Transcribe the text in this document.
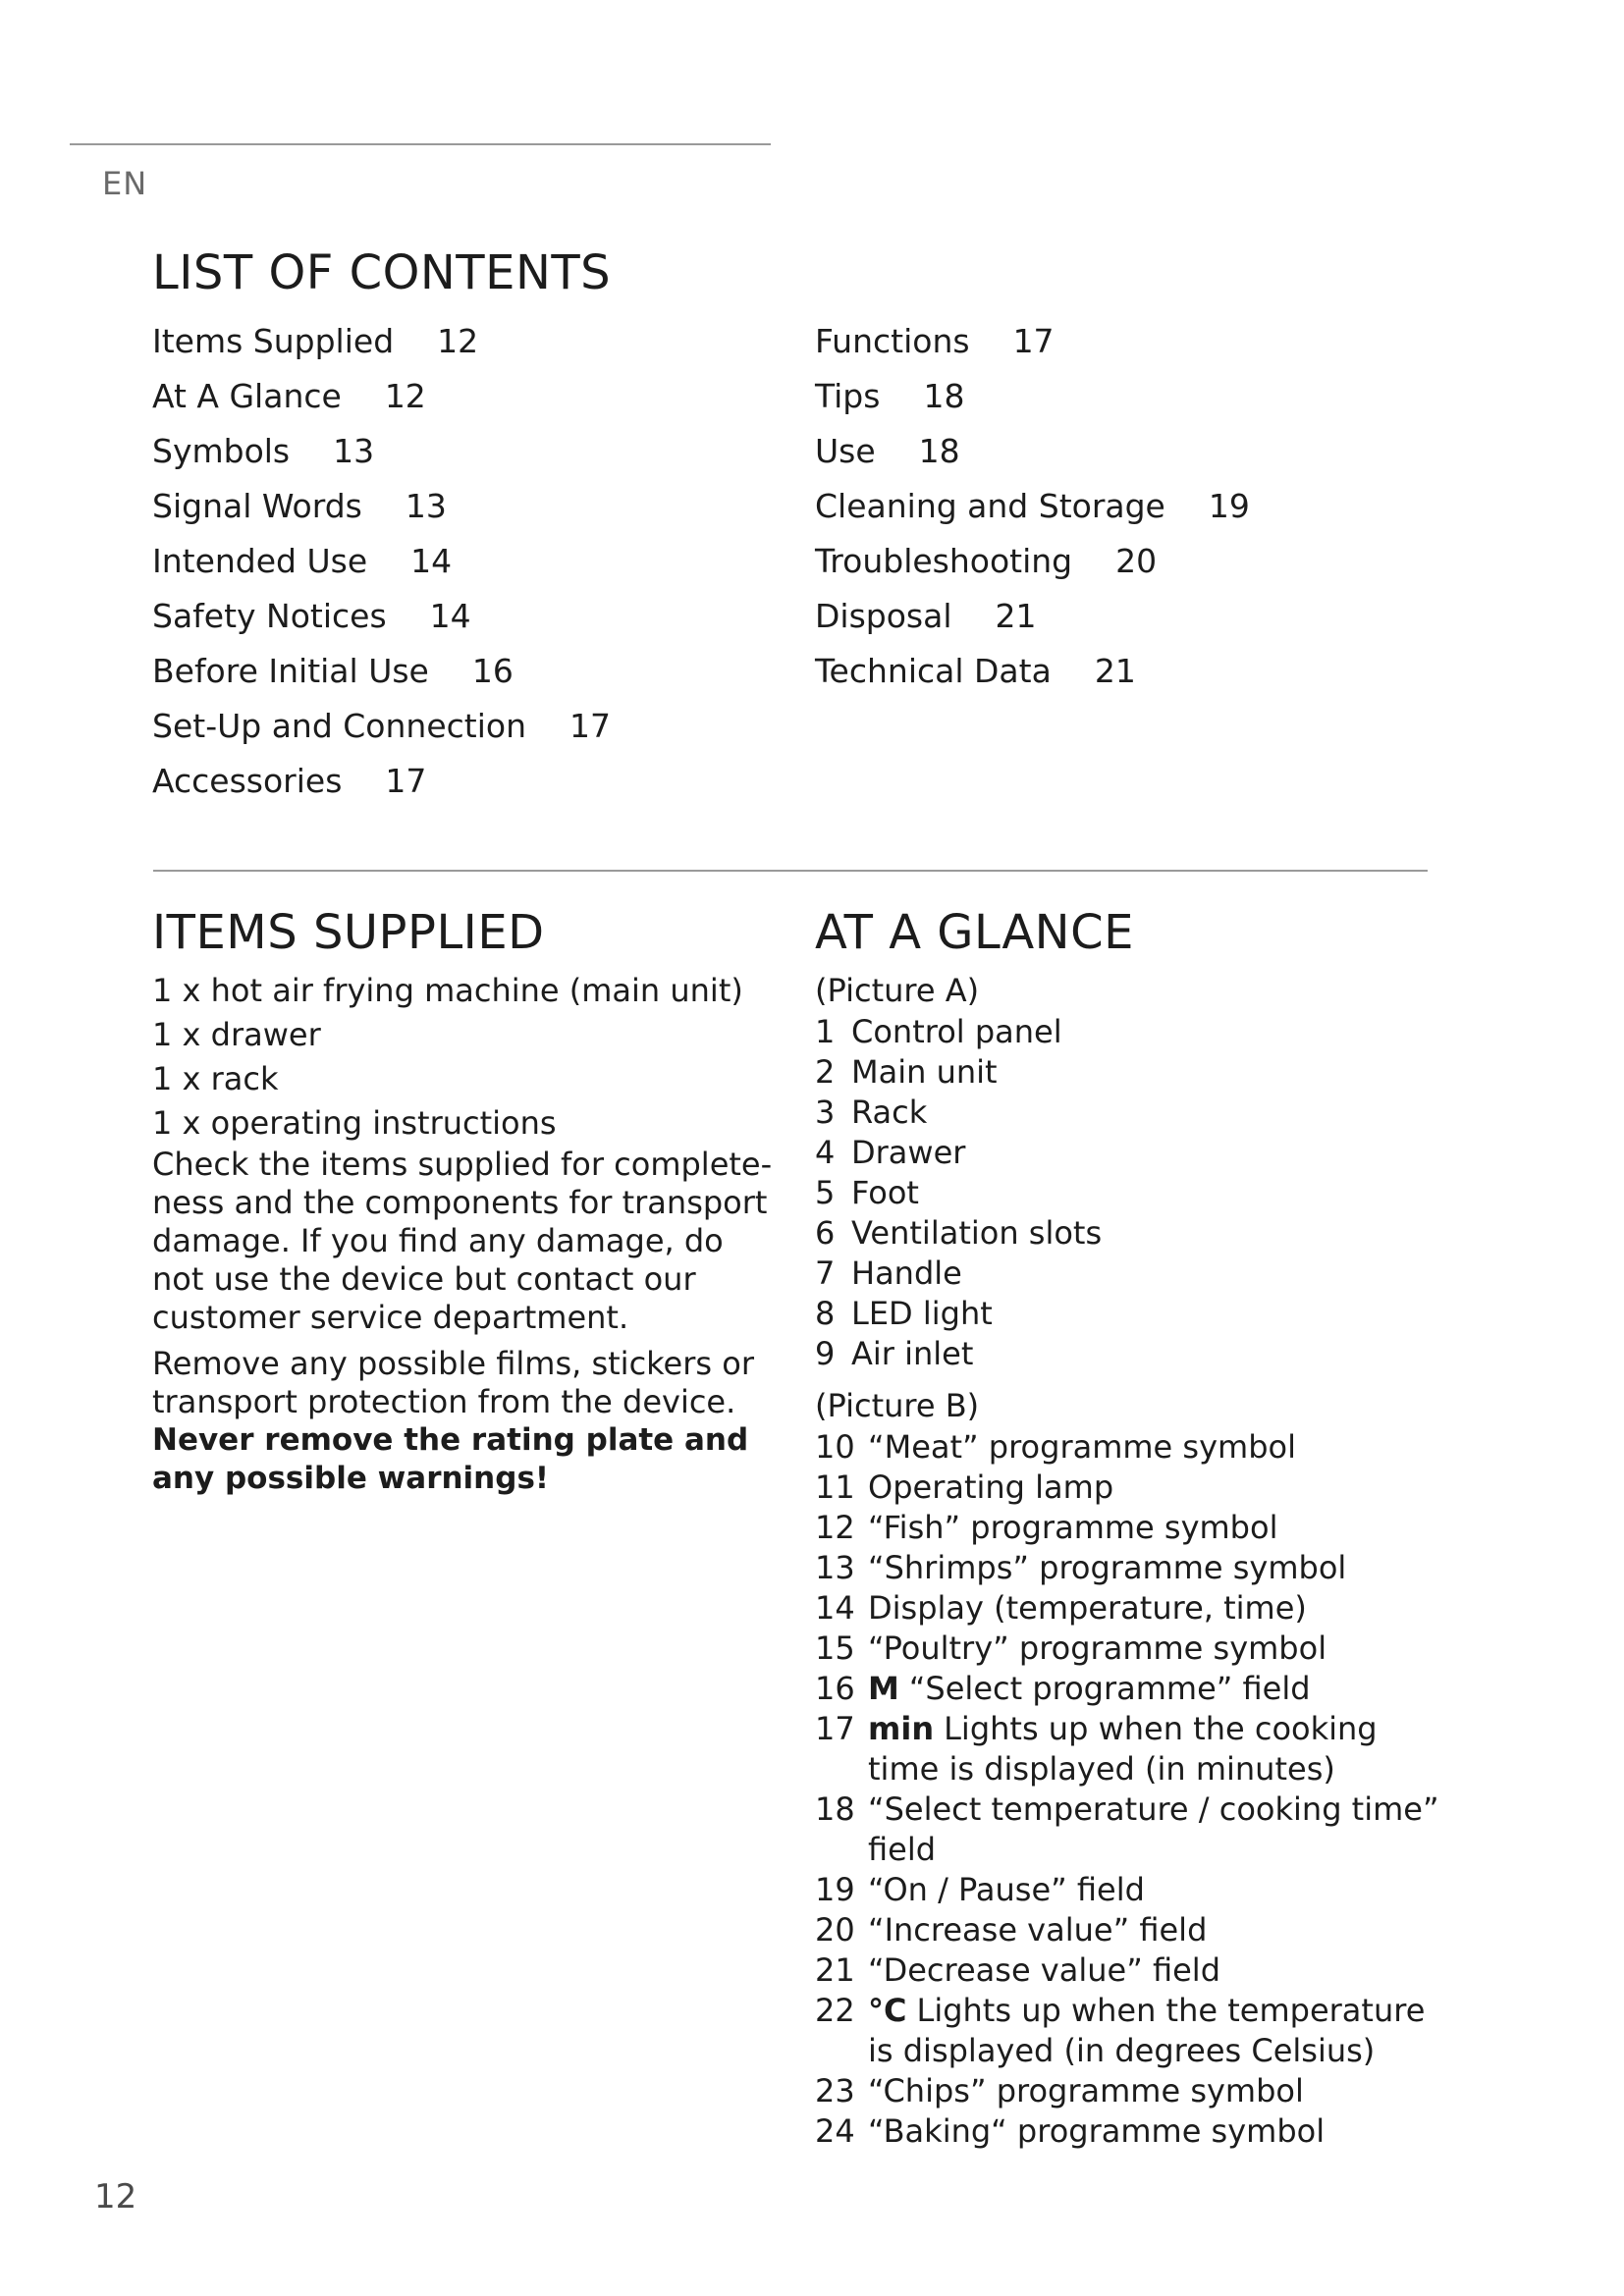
EN
LIST OF CONTENTS
Items Supplied 12
At A Glance 12
Symbols 13
Signal Words 13
Intended Use 14
Safety Notices 14
Before Initial Use 16
Set-Up and Connection 17
Accessories 17
Functions 17
Tips 18
Use 18
Cleaning and Storage 19
Troubleshooting 20
Disposal 21
Technical Data 21
ITEMS SUPPLIED
1 x hot air frying machine (main unit)
1 x drawer
1 x rack
1 x operating instructions

Check the items supplied for complete-ness and the components for transport damage. If you find any damage, do not use the device but contact our customer service department.

Remove any possible films, stickers or transport protection from the device.

Never remove the rating plate and any possible warnings!

AT A GLANCE
(Picture A)
1 Control panel
2 Main unit
3 Rack
4 Drawer
5 Foot
6 Ventilation slots
7 Handle
8 LED light
9 Air inlet
(Picture B)
10 “Meat” programme symbol
11 Operating lamp
12 “Fish” programme symbol
13 “Shrimps” programme symbol
14 Display (temperature, time)
15 “Poultry” programme symbol
16 M “Select programme” field
17 min Lights up when the cooking time is displayed (in minutes)
18 “Select temperature / cooking time” field
19 “On / Pause” field
20 “Increase value” field
21 “Decrease value” field
22 °C Lights up when the temperature is displayed (in degrees Celsius)
23 “Chips” programme symbol
24 “Baking“ programme symbol
12
